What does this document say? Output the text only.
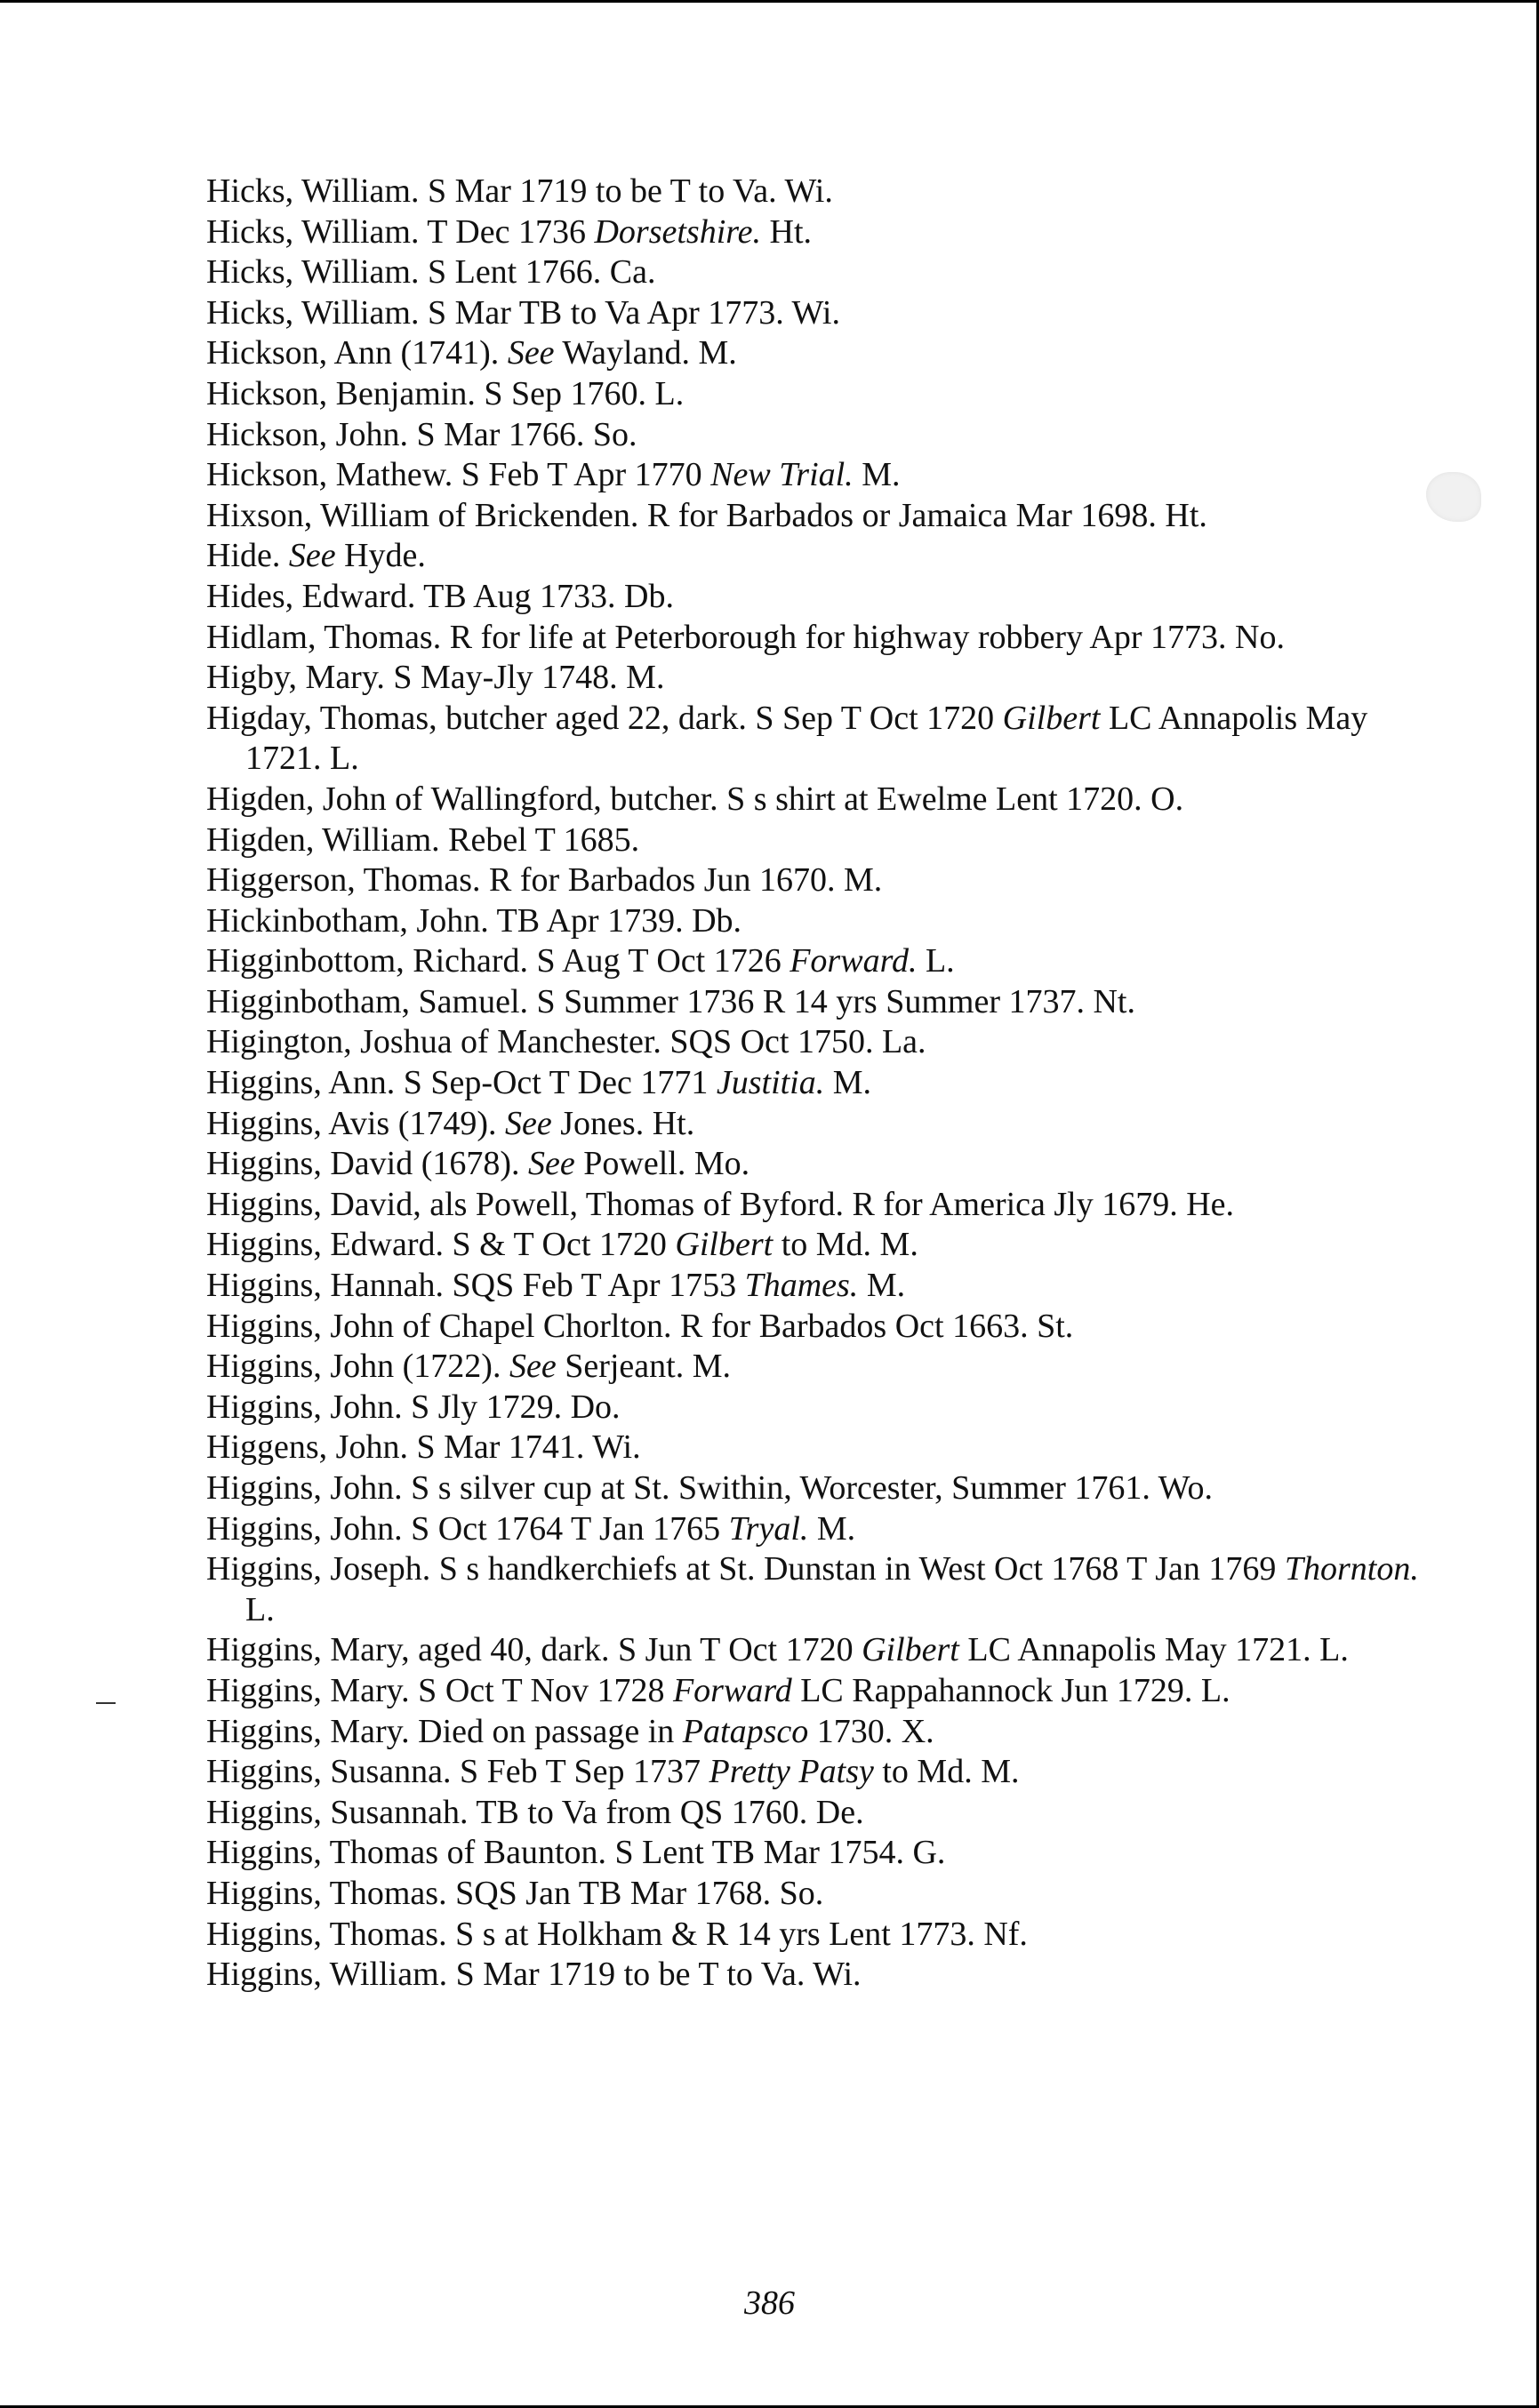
Hicks, William. S Mar 1719 to be T to Va. Wi.
Hicks, William. T Dec 1736 Dorsetshire. Ht.
Hicks, William. S Lent 1766. Ca.
Hicks, William. S Mar TB to Va Apr 1773. Wi.
Hickson, Ann (1741). See Wayland. M.
Hickson, Benjamin. S Sep 1760. L.
Hickson, John. S Mar 1766. So.
Hickson, Mathew. S Feb T Apr 1770 New Trial. M.
Hixson, William of Brickenden. R for Barbados or Jamaica Mar 1698. Ht.
Hide. See Hyde.
Hides, Edward. TB Aug 1733. Db.
Hidlam, Thomas. R for life at Peterborough for highway robbery Apr 1773. No.
Higby, Mary. S May-Jly 1748. M.
Higday, Thomas, butcher aged 22, dark. S Sep T Oct 1720 Gilbert LC Annapolis May 1721. L.
Higden, John of Wallingford, butcher. S s shirt at Ewelme Lent 1720. O.
Higden, William. Rebel T 1685.
Higgerson, Thomas. R for Barbados Jun 1670. M.
Hickinbotham, John. TB Apr 1739. Db.
Higginbottom, Richard. S Aug T Oct 1726 Forward. L.
Higginbotham, Samuel. S Summer 1736 R 14 yrs Summer 1737. Nt.
Higington, Joshua of Manchester. SQS Oct 1750. La.
Higgins, Ann. S Sep-Oct T Dec 1771 Justitia. M.
Higgins, Avis (1749). See Jones. Ht.
Higgins, David (1678). See Powell. Mo.
Higgins, David, als Powell, Thomas of Byford. R for America Jly 1679. He.
Higgins, Edward. S & T Oct 1720 Gilbert to Md. M.
Higgins, Hannah. SQS Feb T Apr 1753 Thames. M.
Higgins, John of Chapel Chorlton. R for Barbados Oct 1663. St.
Higgins, John (1722). See Serjeant. M.
Higgins, John. S Jly 1729. Do.
Higgens, John. S Mar 1741. Wi.
Higgins, John. S s silver cup at St. Swithin, Worcester, Summer 1761. Wo.
Higgins, John. S Oct 1764 T Jan 1765 Tryal. M.
Higgins, Joseph. S s handkerchiefs at St. Dunstan in West Oct 1768 T Jan 1769 Thornton. L.
Higgins, Mary, aged 40, dark. S Jun T Oct 1720 Gilbert LC Annapolis May 1721. L.
Higgins, Mary. S Oct T Nov 1728 Forward LC Rappahannock Jun 1729. L.
Higgins, Mary. Died on passage in Patapsco 1730. X.
Higgins, Susanna. S Feb T Sep 1737 Pretty Patsy to Md. M.
Higgins, Susannah. TB to Va from QS 1760. De.
Higgins, Thomas of Baunton. S Lent TB Mar 1754. G.
Higgins, Thomas. SQS Jan TB Mar 1768. So.
Higgins, Thomas. S s at Holkham & R 14 yrs Lent 1773. Nf.
Higgins, William. S Mar 1719 to be T to Va. Wi.
386
